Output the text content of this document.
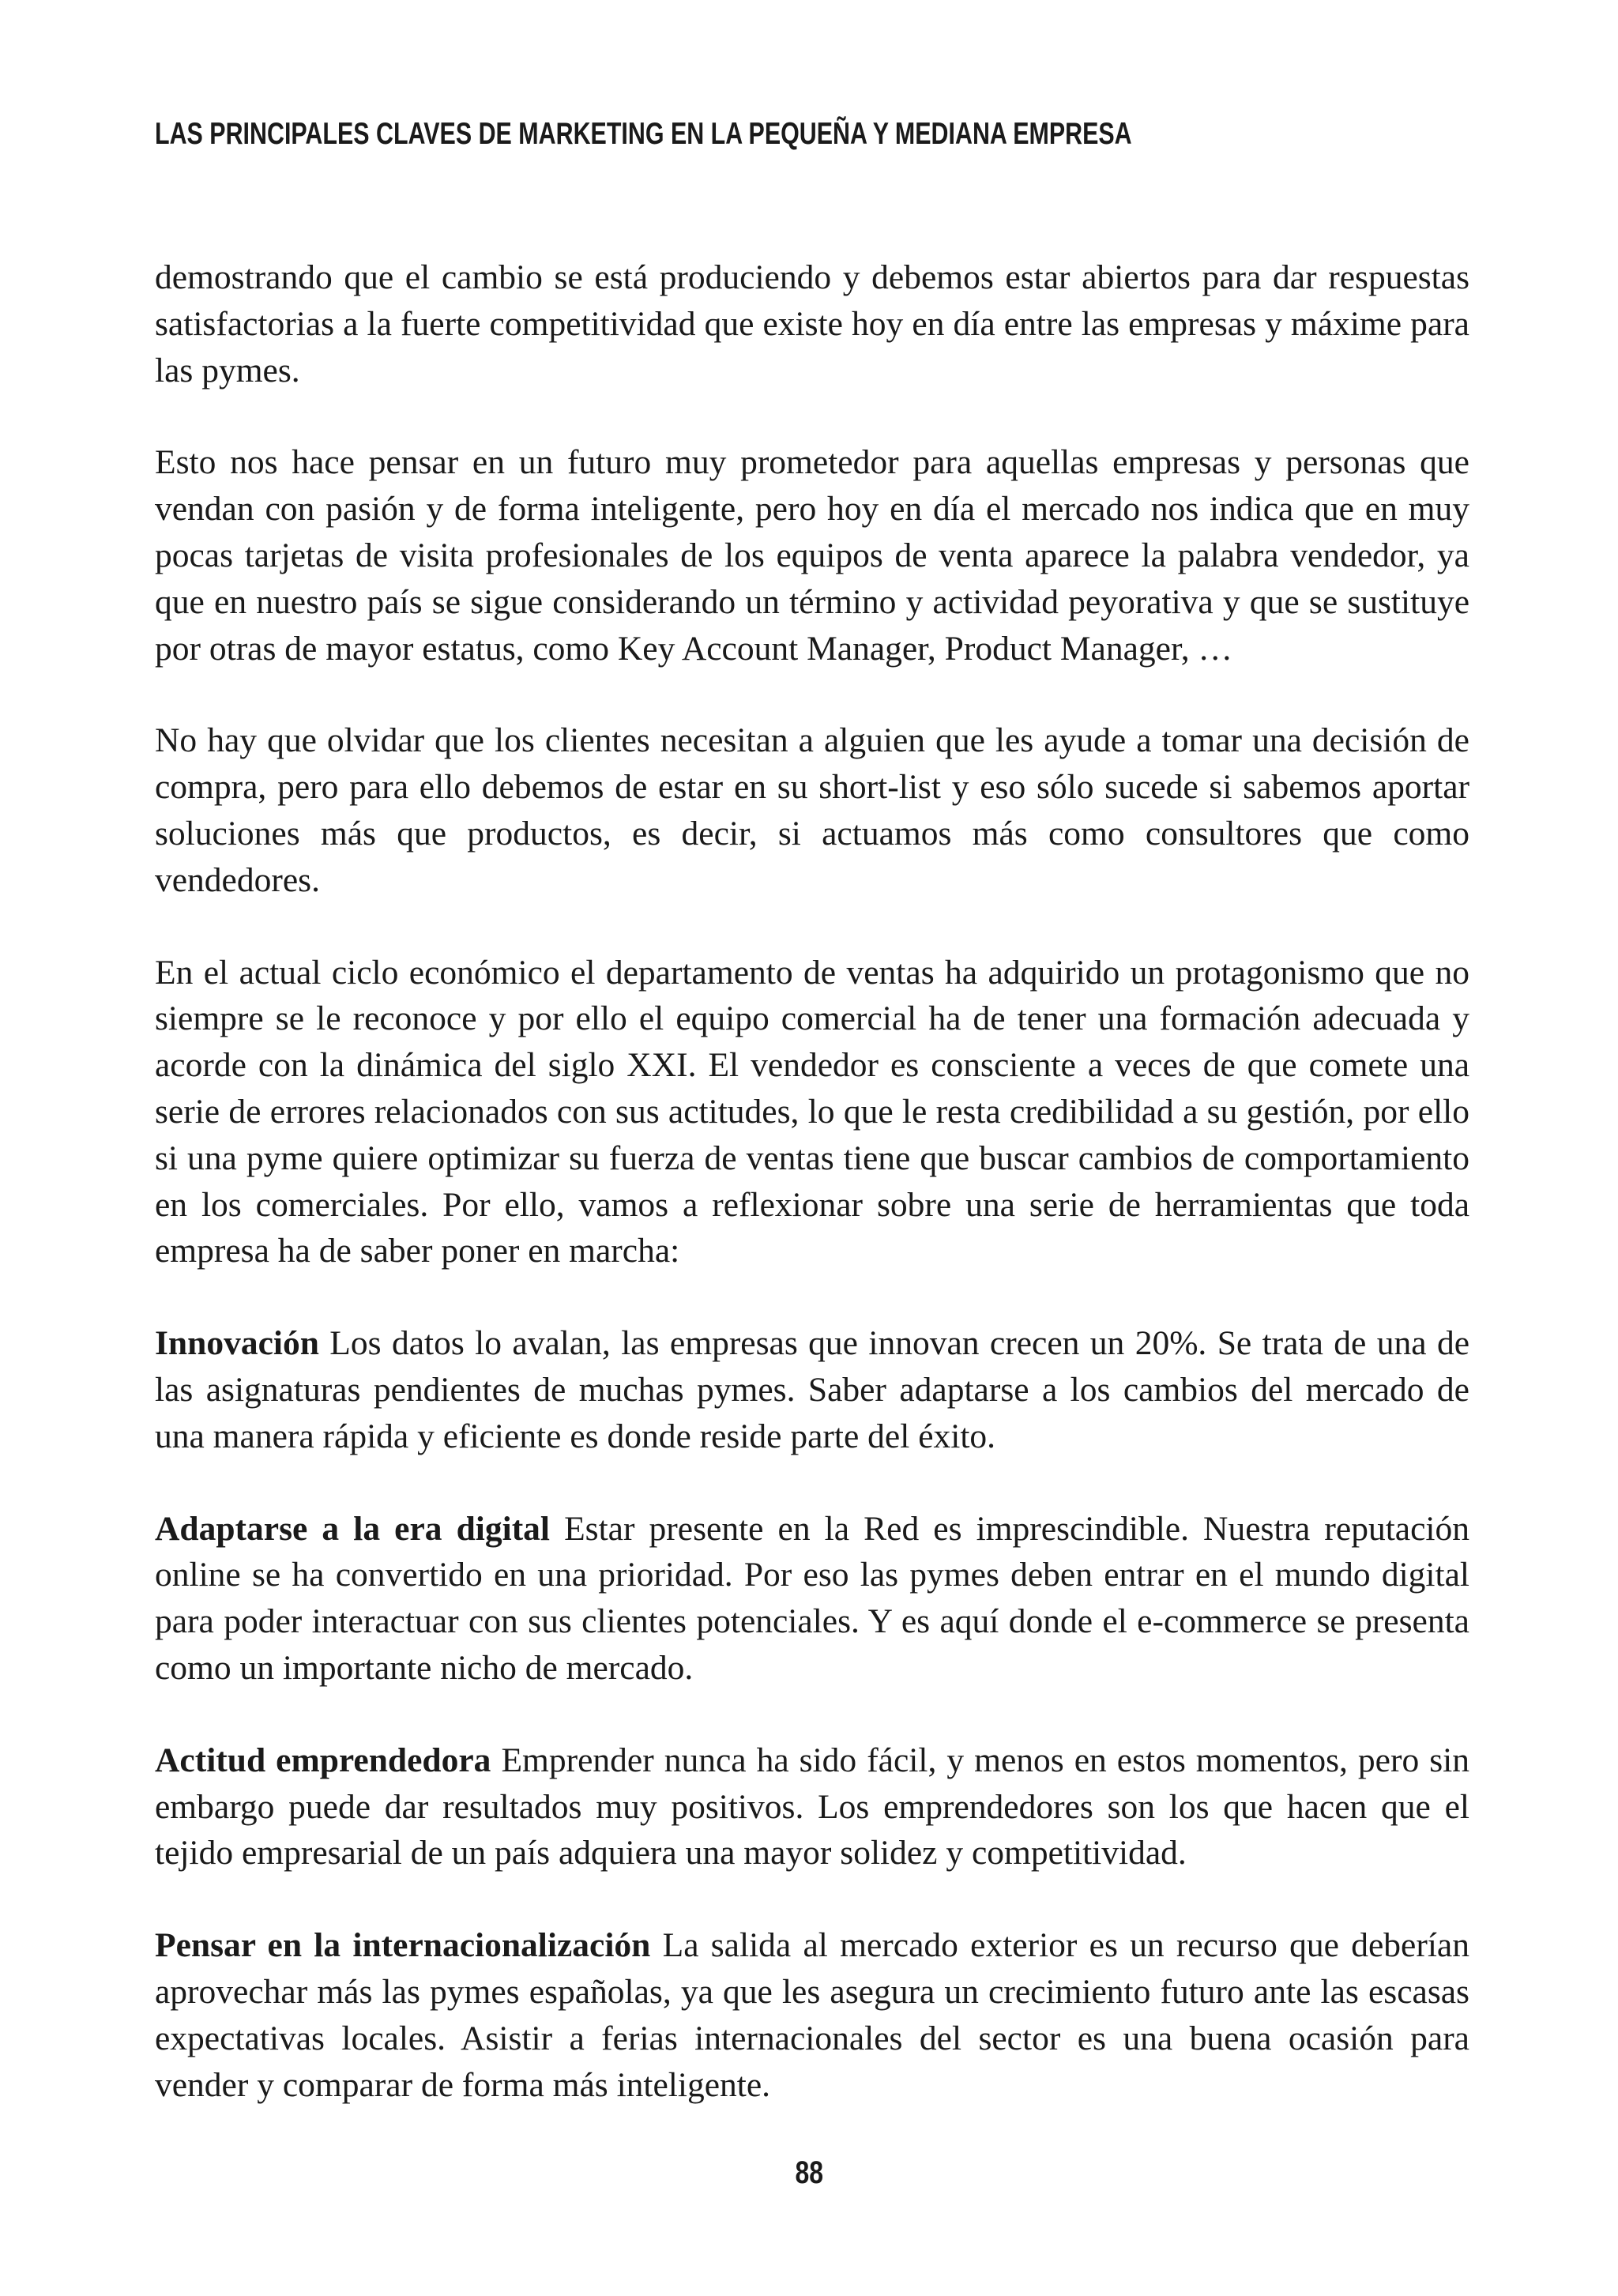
LAS PRINCIPALES CLAVES DE MARKETING EN LA PEQUEÑA Y MEDIANA EMPRESA

demostrando que el cambio se está produciendo y debemos estar abiertos para dar respuestas satisfactorias a la fuerte competitividad que existe hoy en día entre las empresas y máxime para las pymes.

Esto nos hace pensar en un futuro muy prometedor para aquellas empresas y personas que vendan con pasión y de forma inteligente, pero hoy en día el mercado nos indica que en muy pocas tarjetas de visita profesionales de los equipos de venta aparece la palabra vendedor, ya que en nuestro país se sigue considerando un término y actividad peyorativa y que se sustituye por otras de mayor estatus, como Key Account Manager, Product Manager, …

No hay que olvidar que los clientes necesitan a alguien que les ayude a tomar una decisión de compra, pero para ello debemos de estar en su short-list y eso sólo sucede si sabemos aportar soluciones más que productos, es decir, si actuamos más como consultores que como vendedores.

En el actual ciclo económico el departamento de ventas ha adquirido un protagonismo que no siempre se le reconoce y por ello el equipo comercial ha de tener una formación adecuada y acorde con la dinámica del siglo XXI. El vendedor es consciente a veces de que comete una serie de errores relacionados con sus actitudes, lo que le resta credibilidad a su gestión, por ello si una pyme quiere optimizar su fuerza de ventas tiene que buscar cambios de comportamiento en los comerciales. Por ello, vamos a reflexionar sobre una serie de herramientas que toda empresa ha de saber poner en marcha:

Innovación Los datos lo avalan, las empresas que innovan crecen un 20%. Se trata de una de las asignaturas pendientes de muchas pymes. Saber adaptarse a los cambios del mercado de una manera rápida y eficiente es donde reside parte del éxito.

Adaptarse a la era digital Estar presente en la Red es imprescindible. Nuestra reputación online se ha convertido en una prioridad. Por eso las pymes deben entrar en el mundo digital para poder interactuar con sus clientes potenciales. Y es aquí donde el e-commerce se presenta como un importante nicho de mercado.

Actitud emprendedora Emprender nunca ha sido fácil, y menos en estos momentos, pero sin embargo puede dar resultados muy positivos. Los emprendedores son los que hacen que el tejido empresarial de un país adquiera una mayor solidez y competitividad.

Pensar en la internacionalización La salida al mercado exterior es un recurso que deberían aprovechar más las pymes españolas, ya que les asegura un crecimiento futuro ante las escasas expectativas locales. Asistir a ferias internacionales del sector es una buena ocasión para vender y comparar de forma más inteligente.

88
